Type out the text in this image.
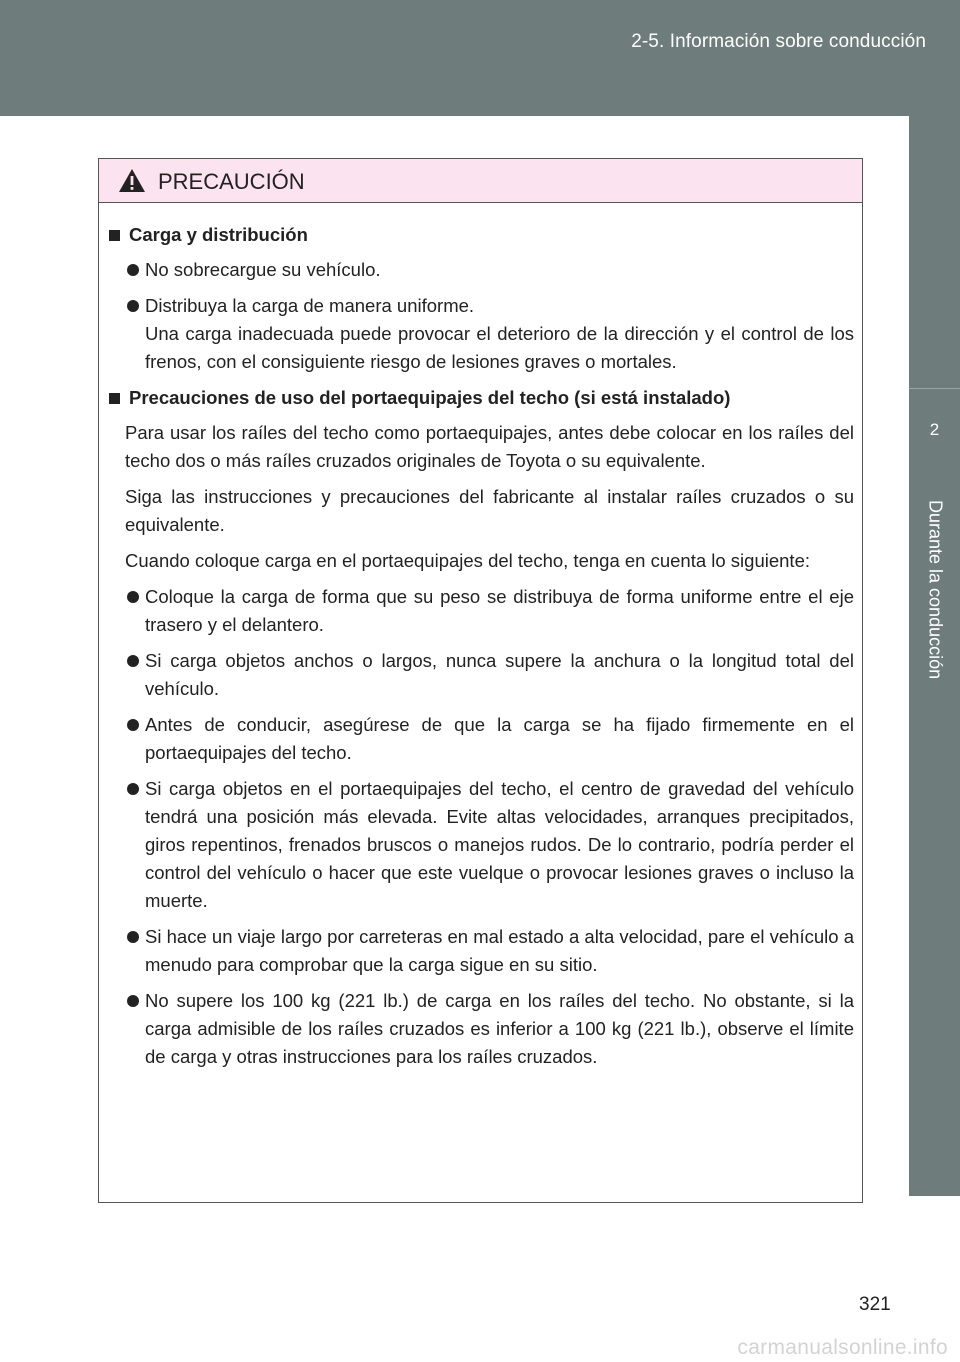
2-5. Información sobre conducción
2
Durante la conducción
PRECAUCIÓN
Carga y distribución
No sobrecargue su vehículo.
Distribuya la carga de manera uniforme.
Una carga inadecuada puede provocar el deterioro de la dirección y el control de los frenos, con el consiguiente riesgo de lesiones graves o mortales.
Precauciones de uso del portaequipajes del techo (si está instalado)
Para usar los raíles del techo como portaequipajes, antes debe colocar en los raíles del techo dos o más raíles cruzados originales de Toyota o su equivalente.
Siga las instrucciones y precauciones del fabricante al instalar raíles cruzados o su equivalente.
Cuando coloque carga en el portaequipajes del techo, tenga en cuenta lo siguiente:
Coloque la carga de forma que su peso se distribuya de forma uniforme entre el eje trasero y el delantero.
Si carga objetos anchos o largos, nunca supere la anchura o la longitud total del vehículo.
Antes de conducir, asegúrese de que la carga se ha fijado firmemente en el portaequipajes del techo.
Si carga objetos en el portaequipajes del techo, el centro de gravedad del vehículo tendrá una posición más elevada. Evite altas velocidades, arranques precipitados, giros repentinos, frenados bruscos o manejos rudos. De lo contrario, podría perder el control del vehículo o hacer que este vuelque o provocar lesiones graves o incluso la muerte.
Si hace un viaje largo por carreteras en mal estado a alta velocidad, pare el vehículo a menudo para comprobar que la carga sigue en su sitio.
No supere los 100 kg (221 lb.) de carga en los raíles del techo. No obstante, si la carga admisible de los raíles cruzados es inferior a 100 kg (221 lb.), observe el límite de carga y otras instrucciones para los raíles cruzados.
321
carmanualsonline.info
